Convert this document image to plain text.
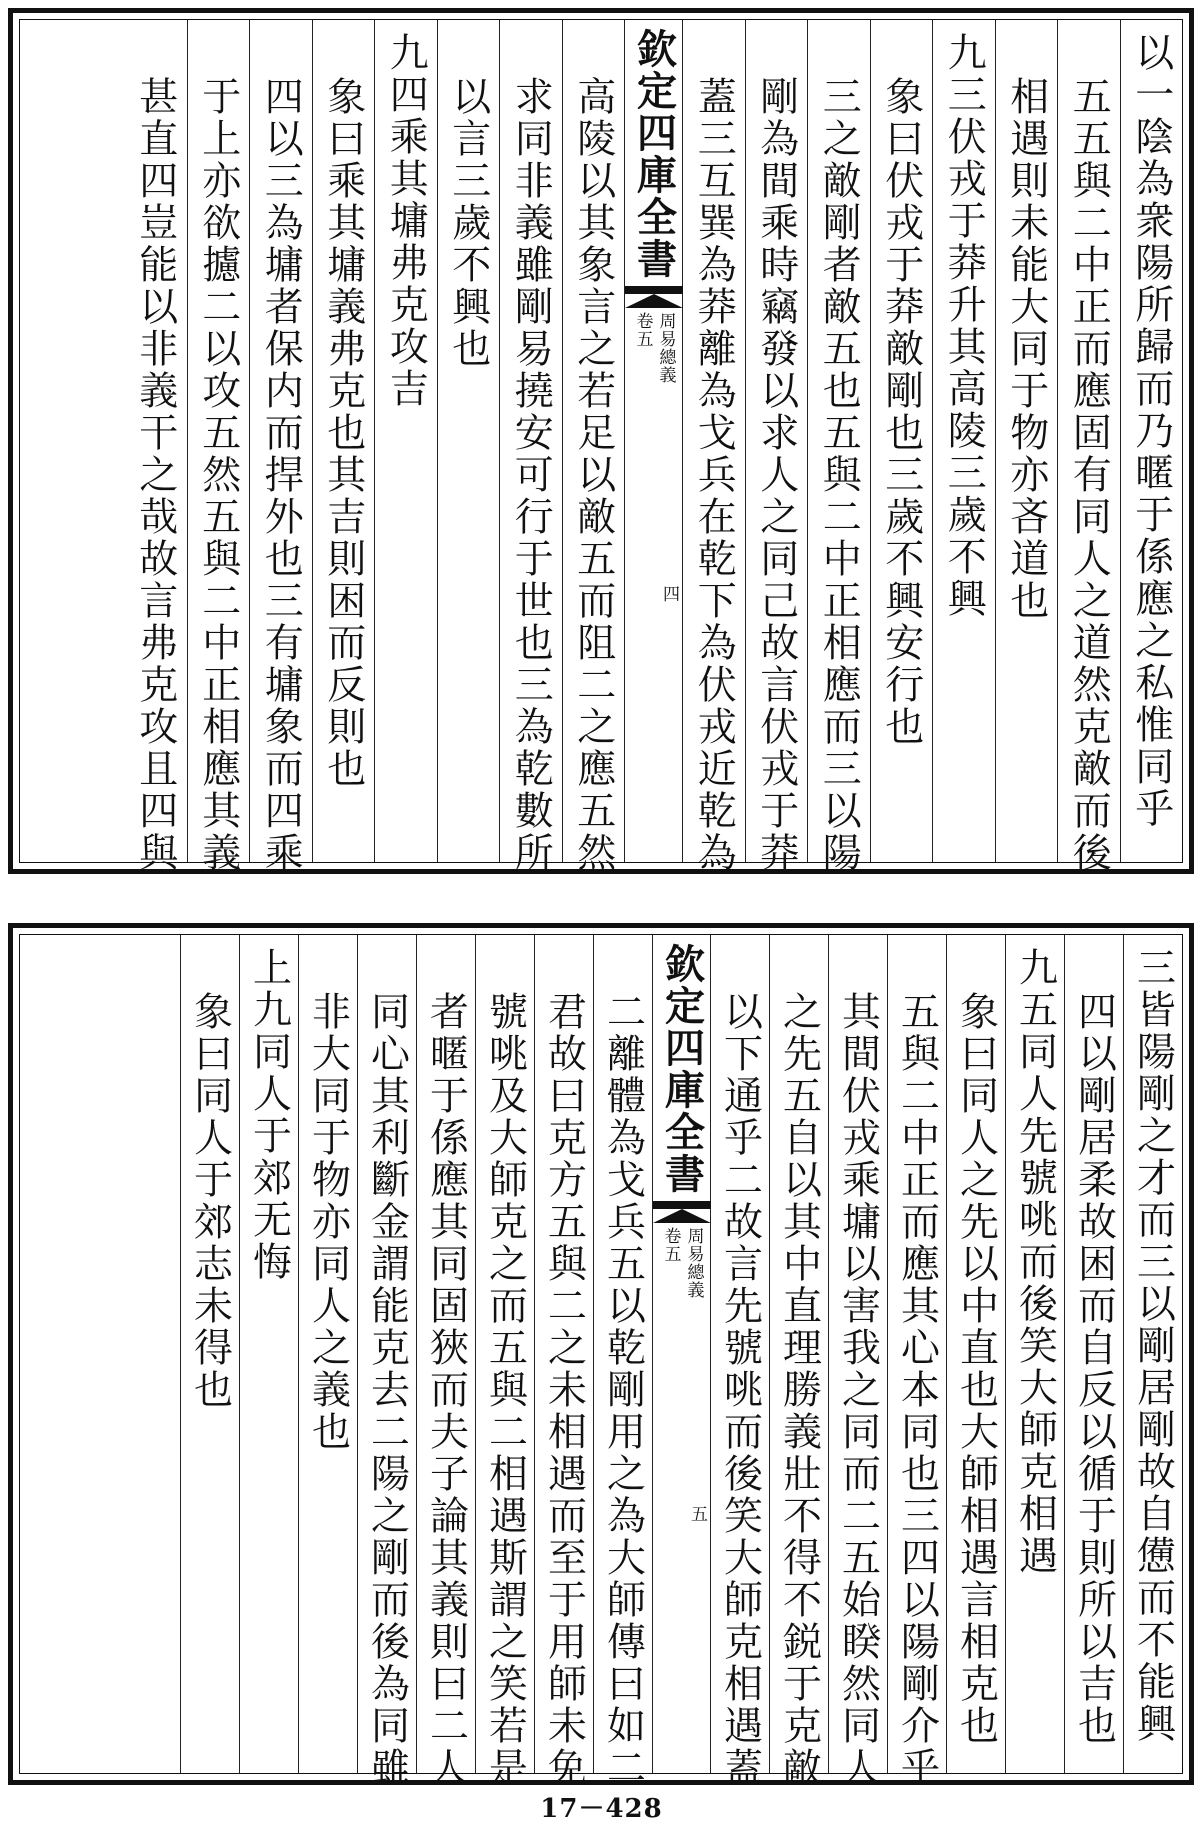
以一陰為衆陽所歸而乃暱于係應之私惟同乎
五五與二中正而應固有同人之道然克敵而後
相遇則未能大同于物亦吝道也
九三伏戎于莽升其高陵三歲不興
象曰伏戎于莽敵剛也三歲不興安行也
三之敵剛者敵五也五與二中正相應而三以陽
剛為間乘時竊發以求人之同己故言伏戎于莽
蓋三互巽為莽離為戈兵在乾下為伏戎近乾為
欽定四庫全書
周易總義
卷五
四
高陵以其象言之若足以敵五而阻二之應五然
求同非義雖剛易撓安可行于世也三為乾數所
以言三歲不興也
九四乘其墉弗克攻吉
象曰乘其墉義弗克也其吉則困而反則也
四以三為墉者保内而捍外也三有墉象而四乘
于上亦欲攄二以攻五然五與二中正相應其義
甚直四豈能以非義干之哉故言弗克攻且四與
三皆陽剛之才而三以剛居剛故自憊而不能興
四以剛居柔故困而自反以循于則所以吉也
九五同人先號咷而後笑大師克相遇
象曰同人之先以中直也大師相遇言相克也
五與二中正而應其心本同也三四以陽剛介乎
其間伏戎乘墉以害我之同而二五始睽然同人
之先五自以其中直理勝義壯不得不鋭于克敵
以下通乎二故言先號咷而後笑大師克相遇蓋
欽定四庫全書
周易總義
卷五
五
二離體為戈兵五以乾剛用之為大師傳曰如二
君故曰克方五與二之未相遇而至于用師未免
號咷及大師克之而五與二相遇斯謂之笑若是
者暱于係應其同固狹而夫子論其義則曰二人
同心其利斷金謂能克去二陽之剛而後為同雖
非大同于物亦同人之義也
上九同人于郊无悔
象曰同人于郊志未得也
17－428
